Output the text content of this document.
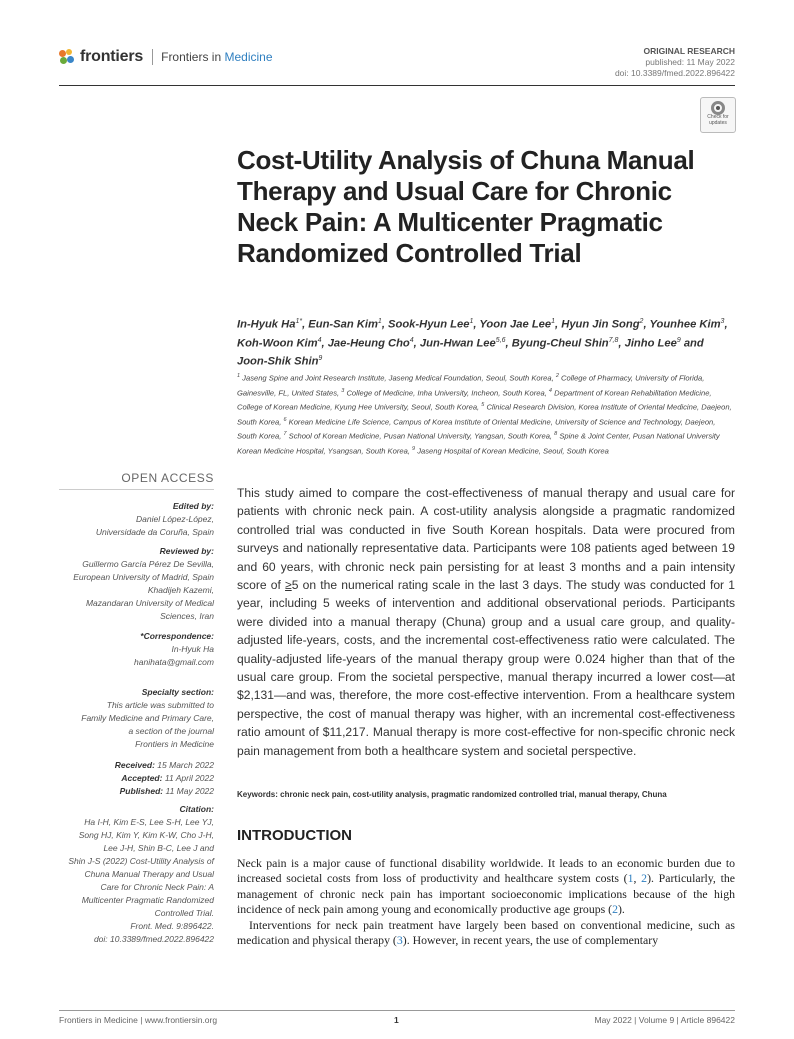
frontiers Frontiers in Medicine	ORIGINAL RESEARCH
published: 11 May 2022
doi: 10.3389/fmed.2022.896422
Check for
updates
Cost-Utility Analysis of Chuna Manual Therapy and Usual Care for Chronic Neck Pain: A Multicenter Pragmatic Randomized Controlled Trial
In-Hyuk $Ha^{1*}$, Eun-San Kim$^1$, Sook-Hyun Lee$^1$, Yoon Jae Lee$^1$, Hyun Jin Song$^2$, Younhee Kim$^3$, Koh-Woon Kim$^4$, Jae-Heung Cho$^4$, Jun-Hwan Lee$^{5,6}$, Byung-Cheul Shin$^{7,8}$, Jinho Lee$^9$ and Joon-Shik Shin$^9$
$^1$ Jaseng Spine and Joint Research Institute, Jaseng Medical Foundation, Seoul, South Korea, $^2$ College of Pharmacy, University of Florida, Gainesville, FL, United States, $^3$ College of Medicine, Inha University, Incheon, South Korea, $^4$ Department of Korean Rehabilitation Medicine, College of Korean Medicine, Kyung Hee University, Seoul, South Korea, $^5$ Clinical Research Division, Korea Institute of Oriental Medicine, Daejeon, South Korea, $^6$ Korean Medicine Life Science, Campus of Korea Institute of Oriental Medicine, University of Science and Technology, Daejeon, South Korea, $^7$ School of Korean Medicine, Pusan National University, Yangsan, South Korea, $^8$ Spine & Joint Center, Pusan National University Korean Medicine Hospital, Ysangsan, South Korea, $^9$ Jaseng Hospital of Korean Medicine, Seoul, South Korea
OPEN ACCESS
Edited by :
Daniel López-López,
Universidade da Coruña, Spain
Reviewed by :
Guillermo García Pérez De Sevilla,
European University of Madrid, Spain
Khadijeh Kazemi,
Mazandaran University of Medical
Sciences, Iran
*Correspondence :
In-Hyuk Ha
hanihata@gmail.com
Specialty section :
This article was submitted to
Family Medicine and Primary Care,
a section of the journal
Frontiers in Medicine
Received : 15 March 2022
Accepted : 11 April 2022
Published : 11 May 2022
Citation :
Ha I-H, Kim E-S, Lee S-H, Lee YJ,
Song HJ, Kim Y, Kim K-W, Cho J-H,
Lee J-H, Shin B-C, Lee J and
Shin J-S (2022) Cost-Utility Analysis of
Chuna Manual Therapy and Usual
Care for Chronic Neck Pain: A
Multicenter Pragmatic Randomized
Controlled Trial.
Front. Med. 9:896422.
doi: 10.3389/fmed.2022.896422
This study aimed to compare the cost-effectiveness of manual therapy and usual care for patients with chronic neck pain. A cost-utility analysis alongside a pragmatic randomized controlled trial was conducted in five South Korean hospitals. Data were procured from surveys and nationally representative data. Participants were 108 patients aged between 19 and 60 years, with chronic neck pain persisting for at least 3 months and a pain intensity score of ≥5 on the numerical rating scale in the last 3 days. The study was conducted for 1 year, including 5 weeks of intervention and additional observational periods. Participants were divided into a manual therapy (Chuna) group and a usual care group, and quality-adjusted life-years, costs, and the incremental cost-effectiveness ratio were calculated. The quality-adjusted life-years of the manual therapy group were 0.024 higher than that of the usual care group. From the societal perspective, manual therapy incurred a lower cost—at $2,131—and was, therefore, the more cost-effective intervention. From a healthcare system perspective, the cost of manual therapy was higher, with an incremental cost-effectiveness ratio amount of $11,217. Manual therapy is more cost-effective for non-specific chronic neck pain management from both a healthcare system and societal perspective.
Keywords: chronic neck pain, cost-utility analysis, pragmatic randomized controlled trial, manual therapy, Chuna
INTRODUCTION

Neck pain is a major cause of functional disability worldwide. It leads to an economic burden due to increased societal costs from loss of productivity and healthcare system costs (1, 2). Particularly, the management of chronic neck pain has important socioeconomic implications because of the high incidence of neck pain among young and economically productive age groups (2).

Interventions for neck pain treatment have largely been based on conventional medicine, such as medication and physical therapy (3). However, in recent years, the use of complementary

Frontiers in Medicine | www.frontiersin.org	1	May 2022 | Volume 9 | Article 896422
